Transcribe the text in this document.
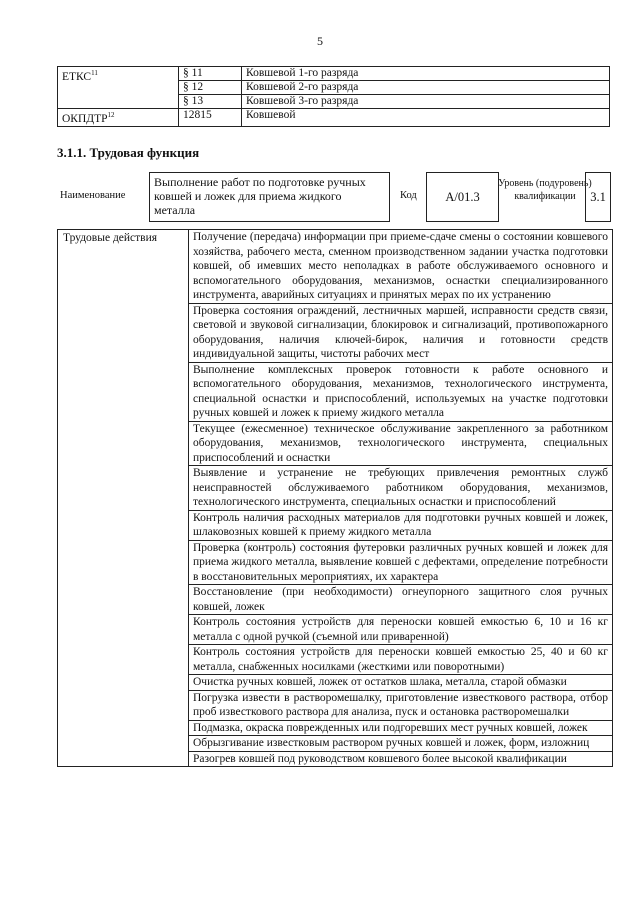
5
ЕТКС$^{11}$	§ 11	Ковшевой 1-го разряда
	§ 12	Ковшевой 2-го разряда
	§ 13	Ковшевой 3-го разряда
ОКПДТР$^{12}$	12815	Ковшевой
3.1.1. Трудовая функция
Наименование
Выполнение работ по подготовке ручных ковшей и ложек для приема жидкого металла
Код	A/01.3
Уровень (подуровень) квалификации	3.1
Трудовые действия	Получение (передача) информации при приеме-сдаче смены о состоянии ковшевого хозяйства, рабочего места, сменном производственном задании участка подготовки ковшей, об имевших место неполадках в работе обслуживаемого основного и вспомогательного оборудования, механизмов, оснастки специализированного инструмента, аварийных ситуациях и принятых мерах по их устранению
Проверка состояния ограждений, лестничных маршей, исправности средств связи, световой и звуковой сигнализации, блокировок и сигнализаций, противопожарного оборудования, наличия ключей-бирок, наличия и готовности средств индивидуальной защиты, чистоты рабочих мест
Выполнение комплексных проверок готовности к работе основного и вспомогательного оборудования, механизмов, технологического инструмента, специальной оснастки и приспособлений, используемых на участке подготовки ручных ковшей и ложек к приему жидкого металла
Текущее (ежесменное) техническое обслуживание закрепленного за работником оборудования, механизмов, технологического инструмента, специальных приспособлений и оснастки
Выявление и устранение не требующих привлечения ремонтных служб неисправностей обслуживаемого работником оборудования, механизмов, технологического инструмента, специальных оснастки и приспособлений
Контроль наличия расходных материалов для подготовки ручных ковшей и ложек, шлаковозных ковшей к приему жидкого металла
Проверка (контроль) состояния футеровки различных ручных ковшей и ложек для приема жидкого металла, выявление ковшей с дефектами, определение потребности в восстановительных мероприятиях, их характера
Восстановление (при необходимости) огнеупорного защитного слоя ручных ковшей, ложек
Контроль состояния устройств для переноски ковшей емкостью 6, 10 и 16 кг металла с одной ручкой (съемной или приваренной)
Контроль состояния устройств для переноски ковшей емкостью 25, 40 и 60 кг металла, снабженных носилками (жесткими или поворотными)
Очистка ручных ковшей, ложек от остатков шлака, металла, старой обмазки
Погрузка извести в растворомешалку, приготовление известкового раствора, отбор проб известкового раствора для анализа, пуск и остановка растворомешалки
Подмазка, окраска поврежденных или подгоревших мест ручных ковшей, ложек
Обрызгивание известковым раствором ручных ковшей и ложек, форм, изложниц
Разогрев ковшей под руководством ковшевого более высокой квалификации
